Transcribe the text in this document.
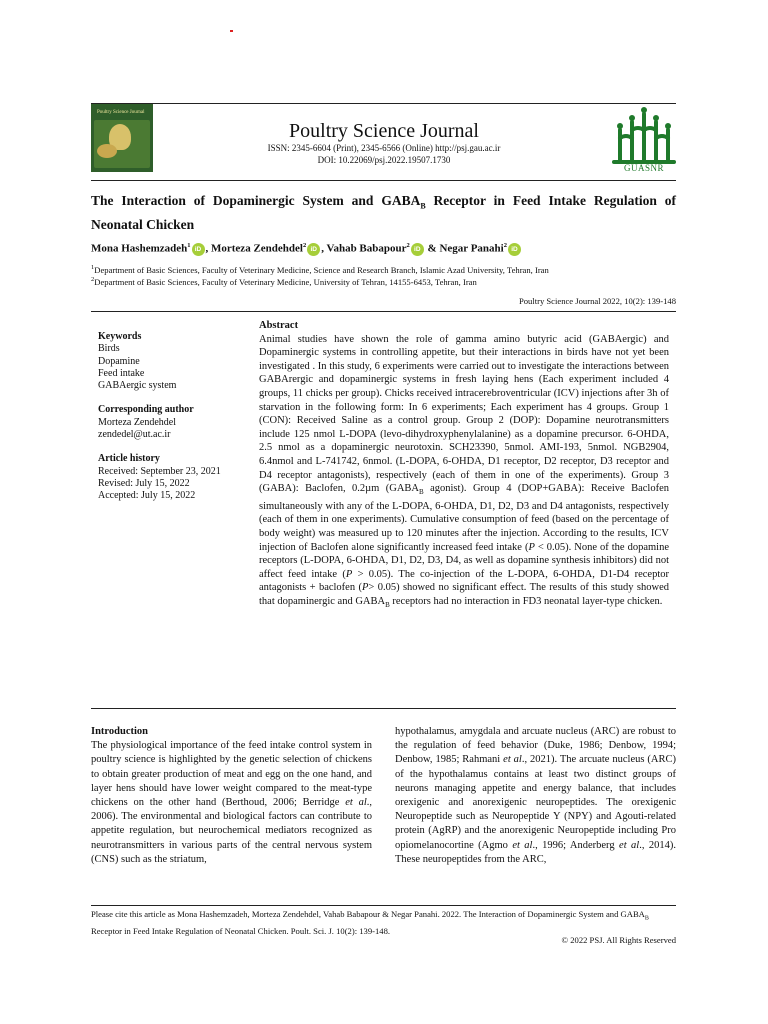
Poultry Science Journal
Poultry Science Journal
ISSN: 2345-6604 (Print), 2345-6566 (Online) http://psj.gau.ac.ir
DOI: 10.22069/psj.2022.19507.1730
GUASNR
The Interaction of Dopaminergic System and $GABA_B$ Receptor in Feed Intake Regulation of Neonatal Chicken
Mona Hashemzadeh$^1$iD , Morteza Zendehdel$^2$iD , Vahab Babapour$^2$iD & Negar Panahi$^2$iD
$^1$Department of Basic Sciences, Faculty of Veterinary Medicine, Science and Research Branch, Islamic Azad University, Tehran, Iran
$^2$Department of Basic Sciences, Faculty of Veterinary Medicine, University of Tehran, 14155-6453, Tehran, Iran
Poultry Science Journal 2022, 10(2): 139-148
Keywords
Birds
Dopamine
Feed intake
GABAergic system
Corresponding author
Morteza Zendehdel
zendedel@ut.ac.ir
Article history
Received: September 23, 2021
Revised: July 15, 2022
Accepted: July 15, 2022
Abstract
Animal studies have shown the role of gamma amino butyric acid (GABAergic) and Dopaminergic systems in controlling appetite, but their interactions in birds have not yet been investigated . In this study, 6 experiments were carried out to investigate the interactions between GABArergic and dopaminergic systems in fresh laying hens (Each experiment included 4 groups, 11 chicks per group). Chicks received intracerebroventricular (ICV) injections after 3h of starvation in the following form: In 6 experiments; Each experiment has 4 groups. Group 1 (CON): Received Saline as a control group. Group 2 (DOP): Dopamine neurotransmitters include 125 nmol L-DOPA (levo-dihydroxyphenylalanine) as a dopamine precursor. 6-OHDA, 2.5 nmol as a dopaminergic neurotoxin. SCH23390, 5nmol. AMI-193, 5nmol. NGB2904, 6.4nmol and L-741742, 6nmol. (L-DOPA, 6-OHDA, D1 receptor, D2 receptor, D3 receptor and D4 receptor antagonists), respectively (each of them in one of the experiments). Group 3 (GABA): Baclofen, 0.2µm ($GABA_B$ agonist). Group 4 (DOP+GABA): Receive Baclofen simultaneously with any of the L-DOPA, 6-OHDA, D1, D2, D3 and D4 antagonists, respectively (each of them in one experiments). Cumulative consumption of feed (based on the percentage of body weight) was measured up to 120 minutes after the injection. According to the results, ICV injection of Baclofen alone significantly increased feed intake (P < 0.05). None of the dopamine receptors (L-DOPA, 6-OHDA, D1, D2, D3, D4, as well as dopamine synthesis inhibitors) did not affect feed intake (P > 0.05). The co-injection of the L-DOPA, 6-OHDA, D1-D4 receptor antagonists + baclofen (P> 0.05) showed no significant effect. The results of this study showed that dopaminergic and $GABA_B$ receptors had no interaction in FD3 neonatal layer-type chicken.
Introduction
The physiological importance of the feed intake control system in poultry science is highlighted by the genetic selection of chickens to obtain greater production of meat and egg on the one hand, and layer hens should have lower weight compared to the meat-type chickens on the other hand (Berthoud, 2006; Berridge et al., 2006). The environmental and biological factors can contribute to appetite regulation, but neurochemical mediators recognized as neurotransmitters in various parts of the central nervous system (CNS) such as the striatum,
hypothalamus, amygdala and arcuate nucleus (ARC) are robust to the regulation of feed behavior (Duke, 1986; Denbow, 1994; Denbow, 1985; Rahmani et al., 2021). The arcuate nucleus (ARC) of the hypothalamus contains at least two distinct groups of neurons managing appetite and energy balance, that includes orexigenic and anorexigenic neuropeptides. The orexigenic Neuropeptide such as Neuropeptide Y (NPY) and Agouti-related protein (AgRP) and the anorexigenic Neuropeptide including Pro opiomelanocortine (Agmo et al., 1996; Anderberg et al., 2014). These neuropeptides from the ARC,
Please cite this article as Mona Hashemzadeh, Morteza Zendehdel, Vahab Babapour & Negar Panahi. 2022. The Interaction of Dopaminergic System and $GABA_B$ Receptor in Feed Intake Regulation of Neonatal Chicken. Poult. Sci. J. 10(2): 139-148.
© 2022 PSJ. All Rights Reserved
